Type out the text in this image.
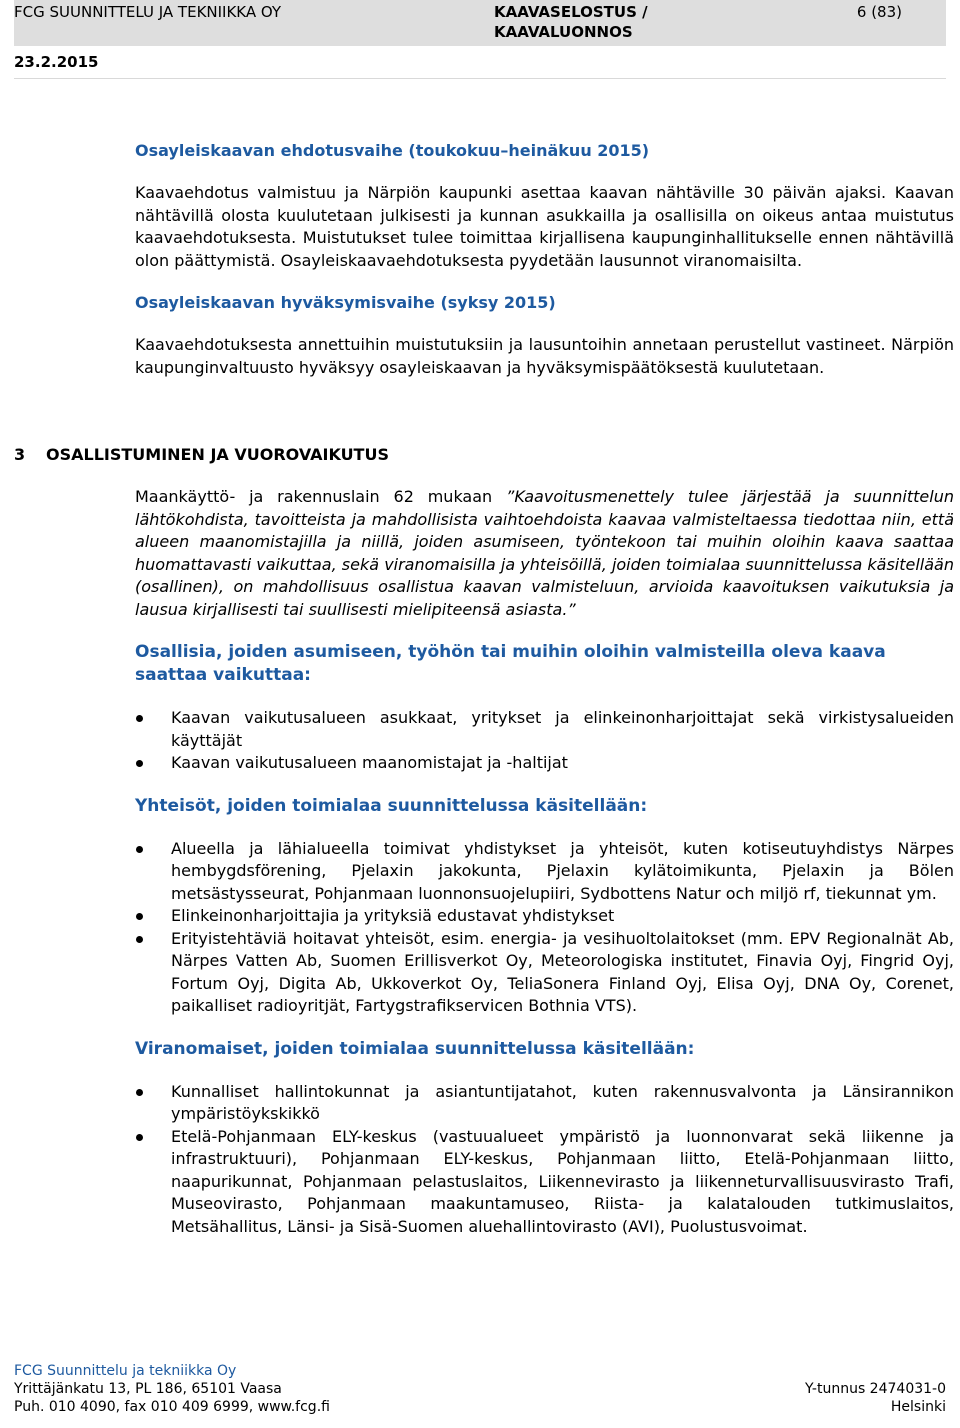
FCG SUUNNITTELU JA TEKNIIKKA OY	KAAVASELOSTUS /
KAAVALUONNOS
6 (83)
23.2.2015
Osayleiskaavan ehdotusvaihe (toukokuu–heinäkuu 2015)

Kaavaehdotus valmistuu ja Närpiön kaupunki asettaa kaavan nähtäville 30 päivän ajaksi. Kaavan nähtävillä olosta kuulutetaan julkisesti ja kunnan asukkailla ja osallisilla on oikeus antaa muistutus kaavaehdotuksesta. Muistutukset tulee toimittaa kirjallisena kaupunginhallitukselle ennen nähtävillä olon päättymistä. Osayleiskaavaehdotuksesta pyydetään lausunnot viranomaisilta.

Osayleiskaavan hyväksymisvaihe (syksy 2015)

Kaavaehdotuksesta annettuihin muistutuksiin ja lausuntoihin annetaan perustellut vastineet. Närpiön kaupunginvaltuusto hyväksyy osayleiskaavan ja hyväksymispäätöksestä kuulutetaan.

3 OSALLISTUMINEN JA VUOROVAIKUTUS

Maankäyttö- ja rakennuslain 62 mukaan ”Kaavoitusmenettely tulee järjestää ja suunnittelun lähtökohdista, tavoitteista ja mahdollisista vaihtoehdoista kaavaa valmisteltaessa tiedottaa niin, että alueen maanomistajilla ja niillä, joiden asumiseen, työntekoon tai muihin oloihin kaava saattaa huomattavasti vaikuttaa, sekä viranomaisilla ja yhteisöillä, joiden toimialaa suunnittelussa käsitellään (osallinen), on mahdollisuus osallistua kaavan valmisteluun, arvioida kaavoituksen vaikutuksia ja lausua kirjallisesti tai suullisesti mielipiteensä asiasta.”

Osallisia, joiden asumiseen, työhön tai muihin oloihin valmisteilla oleva kaava saattaa vaikuttaa:
Kaavan vaikutusalueen asukkaat, yritykset ja elinkeinonharjoittajat sekä virkistysalueiden käyttäjät
Kaavan vaikutusalueen maanomistajat ja -haltijat
Yhteisöt, joiden toimialaa suunnittelussa käsitellään:
Alueella ja lähialueella toimivat yhdistykset ja yhteisöt, kuten kotiseutuyhdistys Närpes hembygdsförening, Pjelaxin jakokunta, Pjelaxin kylätoimikunta, Pjelaxin ja Bölen metsästysseurat, Pohjanmaan luonnonsuojelupiiri, Sydbottens Natur och miljö rf, tiekunnat ym.
Elinkeinonharjoittajia ja yrityksiä edustavat yhdistykset
Erityistehtäviä hoitavat yhteisöt, esim. energia- ja vesihuoltolaitokset (mm. EPV Regionalnät Ab, Närpes Vatten Ab, Suomen Erillisverkot Oy, Meteorologiska institutet, Finavia Oyj, Fingrid Oyj, Fortum Oyj, Digita Ab, Ukkoverkot Oy, TeliaSonera Finland Oyj, Elisa Oyj, DNA Oy, Corenet, paikalliset radioyritjät, Fartygstrafikservicen Bothnia VTS).
Viranomaiset, joiden toimialaa suunnittelussa käsitellään:
Kunnalliset hallintokunnat ja asiantuntijatahot, kuten rakennusvalvonta ja Länsirannikon ympäristöykskikkö
Etelä-Pohjanmaan ELY-keskus (vastuualueet ympäristö ja luonnonvarat sekä liikenne ja infrastruktuuri), Pohjanmaan ELY-keskus, Pohjanmaan liitto, Etelä-Pohjanmaan liitto, naapurikunnat, Pohjanmaan pelastuslaitos, Liikennevirasto ja liikenneturvallisuusvirasto Trafi, Museovirasto, Pohjanmaan maakuntamuseo, Riista- ja kalatalouden tutkimuslaitos, Metsähallitus, Länsi- ja Sisä-Suomen aluehallintovirasto (AVI), Puolustusvoimat.
FCG Suunnittelu ja tekniikka Oy
Yrittäjänkatu 13, PL 186, 65101 Vaasa	Y-tunnus 2474031-0
Puh. 010 4090, fax 010 409 6999, www.fcg.fi	Helsinki
